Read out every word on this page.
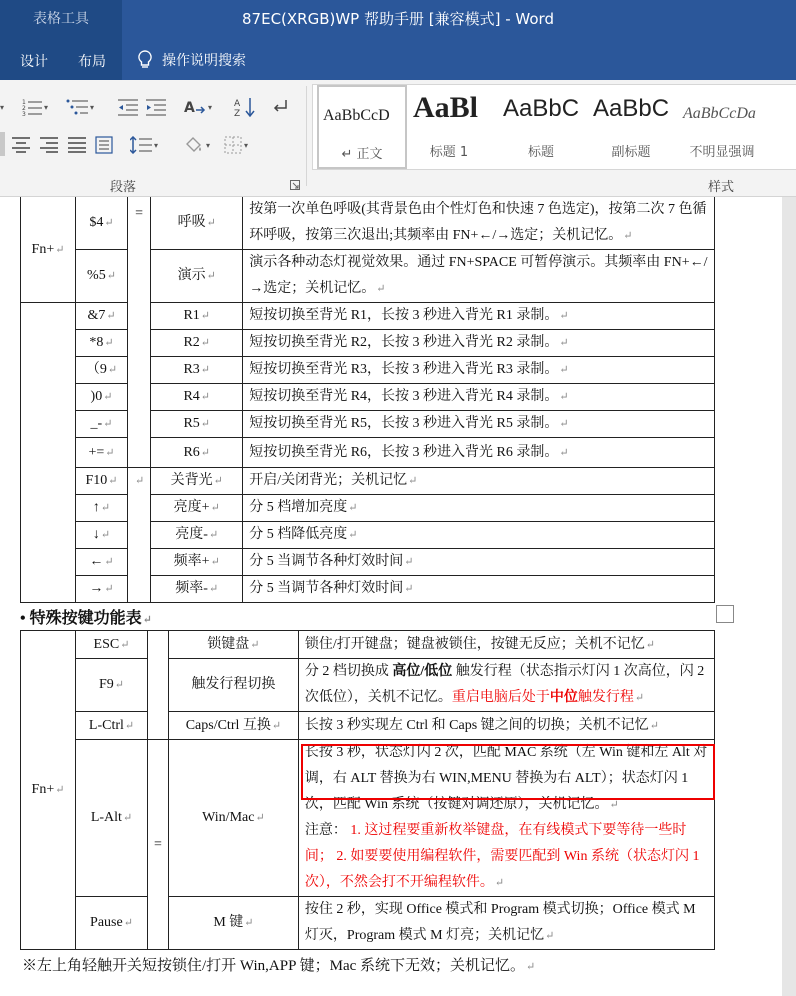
表格工具	87EC(XRGB)WP 帮助手册 [兼容模式] - Word
设计 布局	操作说明搜索
▾	1
2
3
▾	▾	A ▾ A
Z
▾	▾	▾
段落
AaBbCcD
↵ 正文
AaBl
标题 1
AaBbC
标题
AaBbC
副标题
AaBbCcDa
不明显强调
样式
Fn+↵	$4↵	=	呼吸↵	按第一次单色呼吸(其背景色由个性灯色和快速 7 色选定)，按第二次 7 色循环呼吸，按第三次退出;其频率由 FN+←/→选定；关机记忆。↵
	%5↵		演示↵	演示各种动态灯视觉效果。通过 FN+SPACE 可暂停演示。其频率由 FN+←/→选定；关机记忆。↵
	&7↵		R1↵	短按切换至背光 R1，长按 3 秒进入背光 R1 录制。↵
	*8↵		R2↵	短按切换至背光 R2，长按 3 秒进入背光 R2 录制。↵
	（9↵		R3↵	短按切换至背光 R3，长按 3 秒进入背光 R3 录制。↵
	)0↵		R4↵	短按切换至背光 R4，长按 3 秒进入背光 R4 录制。↵
	_-↵		R5↵	短按切换至背光 R5，长按 3 秒进入背光 R5 录制。↵
	+=↵		R6↵	短按切换至背光 R6，长按 3 秒进入背光 R6 录制。↵
	F10↵	↵	关背光↵	开启/关闭背光；关机记忆↵
	↑↵		亮度+↵	分 5 档增加亮度↵
	↓↵		亮度-↵	分 5 档降低亮度↵
	←↵		频率+↵	分 5 当调节各种灯效时间↵
	→↵		频率-↵	分 5 当调节各种灯效时间↵
• 特殊按键功能表↵
Fn+↵	ESC↵		锁键盘↵	锁住/打开键盘；键盘被锁住，按键无反应；关机不记忆↵
	F9↵		触发行程切换	分 2 档切换成 高位/低位 触发行程（状态指示灯闪 1 次高位，闪 2 次低位），关机不记忆。重启电脑后处于中位触发行程↵
	L-Ctrl↵		Caps/Ctrl 互换↵	长按 3 秒实现左 Ctrl 和 Caps 键之间的切换；关机不记忆↵
	L-Alt↵	=	Win/Mac↵	长按 3 秒，状态灯闪 2 次，匹配 MAC 系统（左 Win 键和左 Alt 对调，右 ALT 替换为右 WIN,MENU 替换为右 ALT）；状态灯闪 1 次，匹配 Win 系统（按键对调还原），关机记忆。↵
注意： 1. 这过程要重新枚举键盘，在有线模式下要等待一些时间； 2. 如要要使用编程软件，需要匹配到 Win 系统（状态灯闪 1 次），不然会打不开编程软件。↵
	Pause↵		M 键↵	按住 2 秒，实现 Office 模式和 Program 模式切换；Office 模式 M 灯灭，Program 模式 M 灯亮；关机记忆↵
※左上角轻触开关短按锁住/打开 Win,APP 键；Mac 系统下无效；关机记忆。↵
